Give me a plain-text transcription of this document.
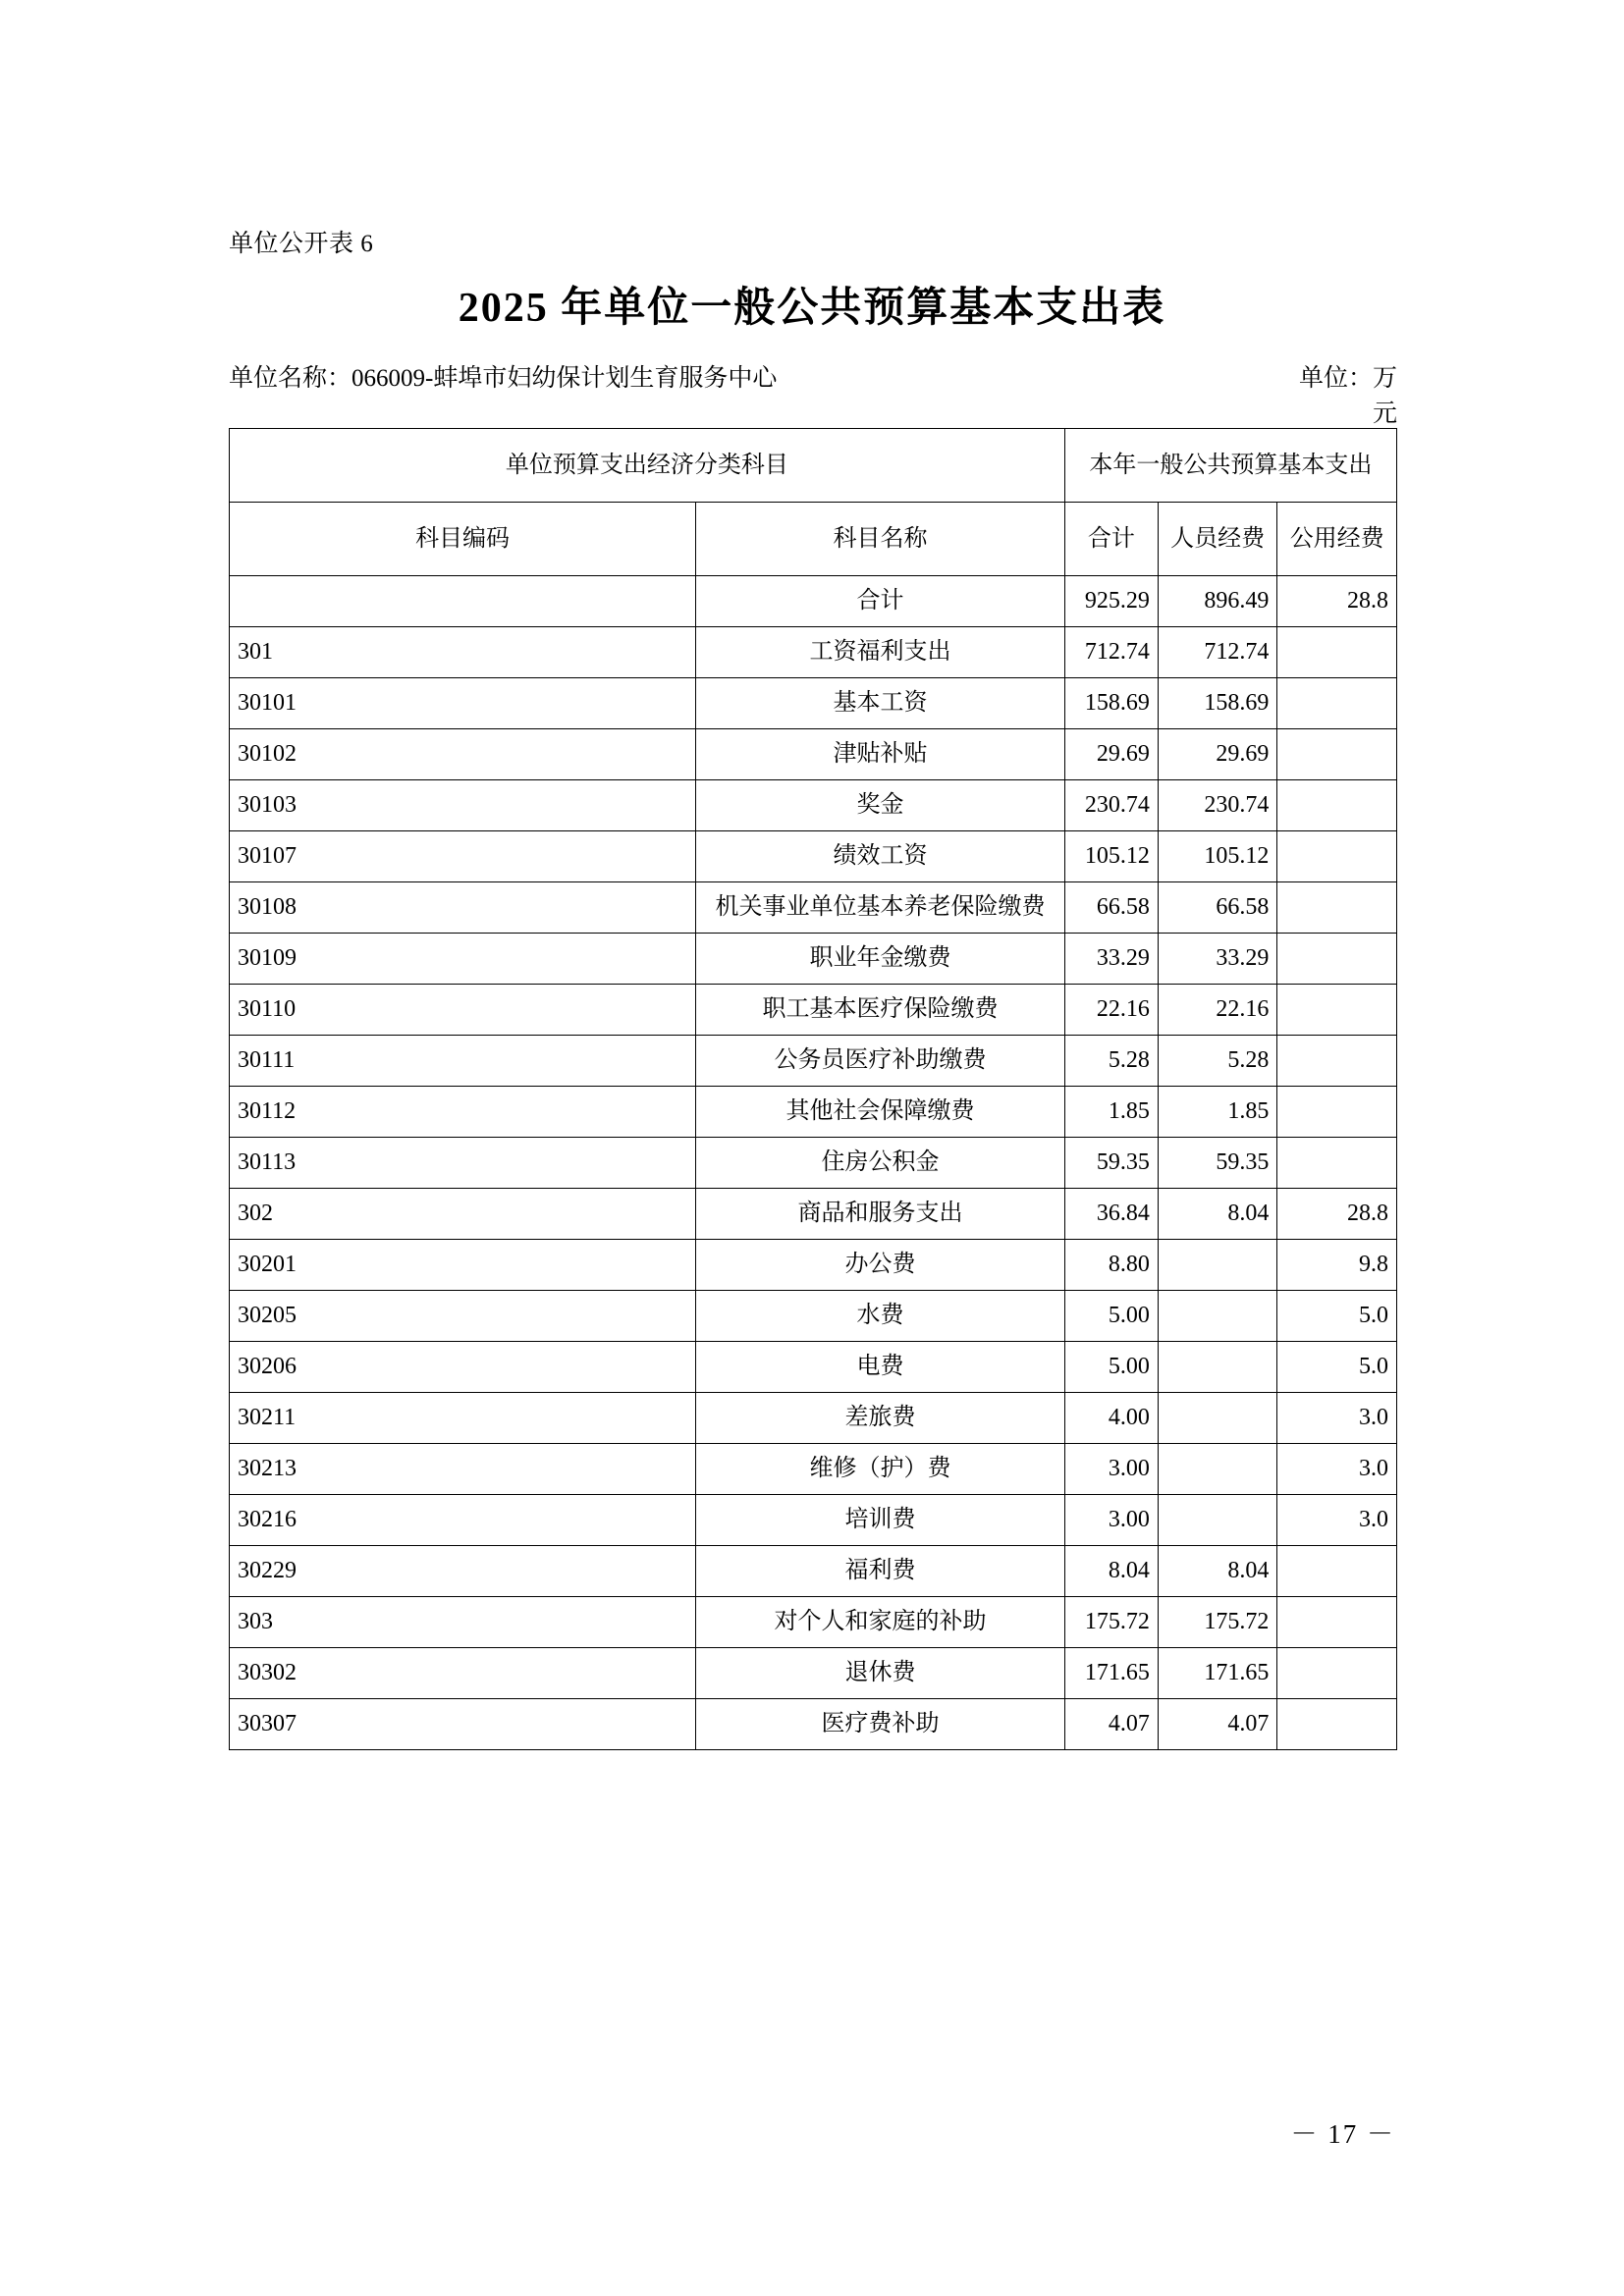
单位公开表 6
2025 年单位一般公共预算基本支出表
单位名称：066009-蚌埠市妇幼保计划生育服务中心	单位：万
元
单位预算支出经济分类科目		本年一般公共预算基本支出		
科目编码	科目名称	合计	人员经费	公用经费
	合计	925.29	896.49	28.8
301	工资福利支出	712.74	712.74	
30101	基本工资	158.69	158.69	
30102	津贴补贴	29.69	29.69	
30103	奖金	230.74	230.74	
30107	绩效工资	105.12	105.12	
30108	机关事业单位基本养老保险缴费	66.58	66.58	
30109	职业年金缴费	33.29	33.29	
30110	职工基本医疗保险缴费	22.16	22.16	
30111	公务员医疗补助缴费	5.28	5.28	
30112	其他社会保障缴费	1.85	1.85	
30113	住房公积金	59.35	59.35	
302	商品和服务支出	36.84	8.04	28.8
30201	办公费	8.80		9.8
30205	水费	5.00		5.0
30206	电费	5.00		5.0
30211	差旅费	4.00		3.0
30213	维修（护）费	3.00		3.0
30216	培训费	3.00		3.0
30229	福利费	8.04	8.04	
303	对个人和家庭的补助	175.72	175.72	
30302	退休费	171.65	171.65	
30307	医疗费补助	4.07	4.07	
－ 17 －
